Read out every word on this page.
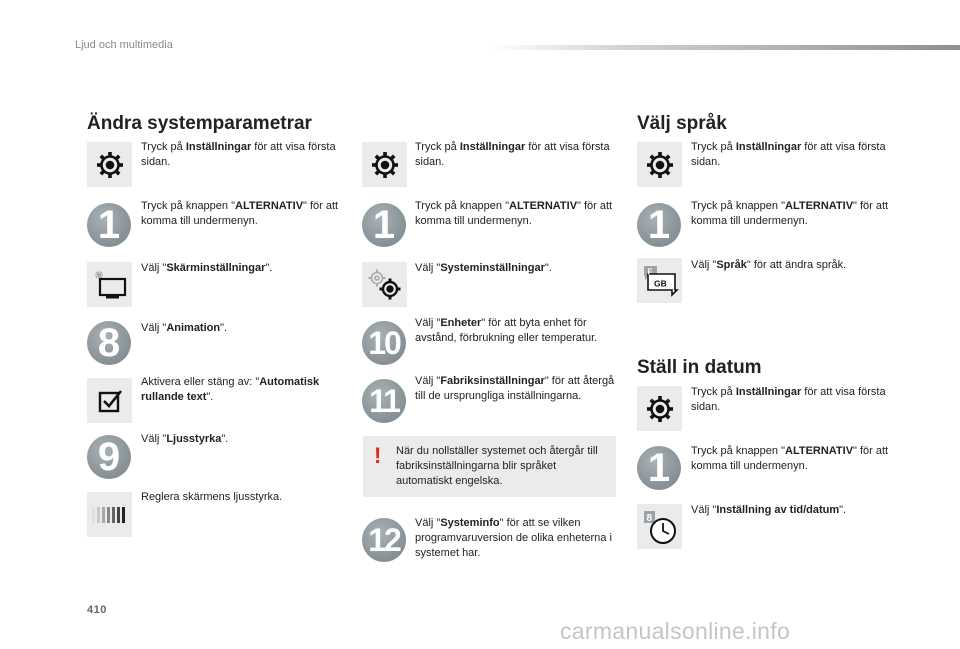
Ljud och multimedia
Ändra systemparametrar
Tryck på Inställningar för att visa första sidan.
1	Tryck på knappen "ALTERNATIV" för att komma till undermenyn.
Välj "Skärminställningar".
8	Välj "Animation".
Aktivera eller stäng av: "Automatisk rullande text".
9	Välj "Ljusstyrka".
Reglera skärmens ljusstyrka.
Tryck på Inställningar för att visa första sidan.
1	Tryck på knappen "ALTERNATIV" för att komma till undermenyn.
Välj "Systeminställningar".
10
Välj "Enheter" för att byta enhet för avstånd, förbrukning eller temperatur.
11
Välj "Fabriksinställningar" för att återgå till de ursprungliga inställningarna.
! När du nollställer systemet och återgår till fabriksinställningarna blir språket automatiskt engelska.
12	Välj "Systeminfo" för att se vilken programvaruversion de olika enheterna i systemet har.
Välj språk
Tryck på Inställningar för att visa första sidan.
1	Tryck på knappen "ALTERNATIV" för att komma till undermenyn.
F
GB
Välj "Språk" för att ändra språk.
Ställ in datum
Tryck på Inställningar för att visa första sidan.
1	Tryck på knappen "ALTERNATIV" för att komma till undermenyn.
8
Välj "Inställning av tid/datum".
410
carmanualsonline.info
